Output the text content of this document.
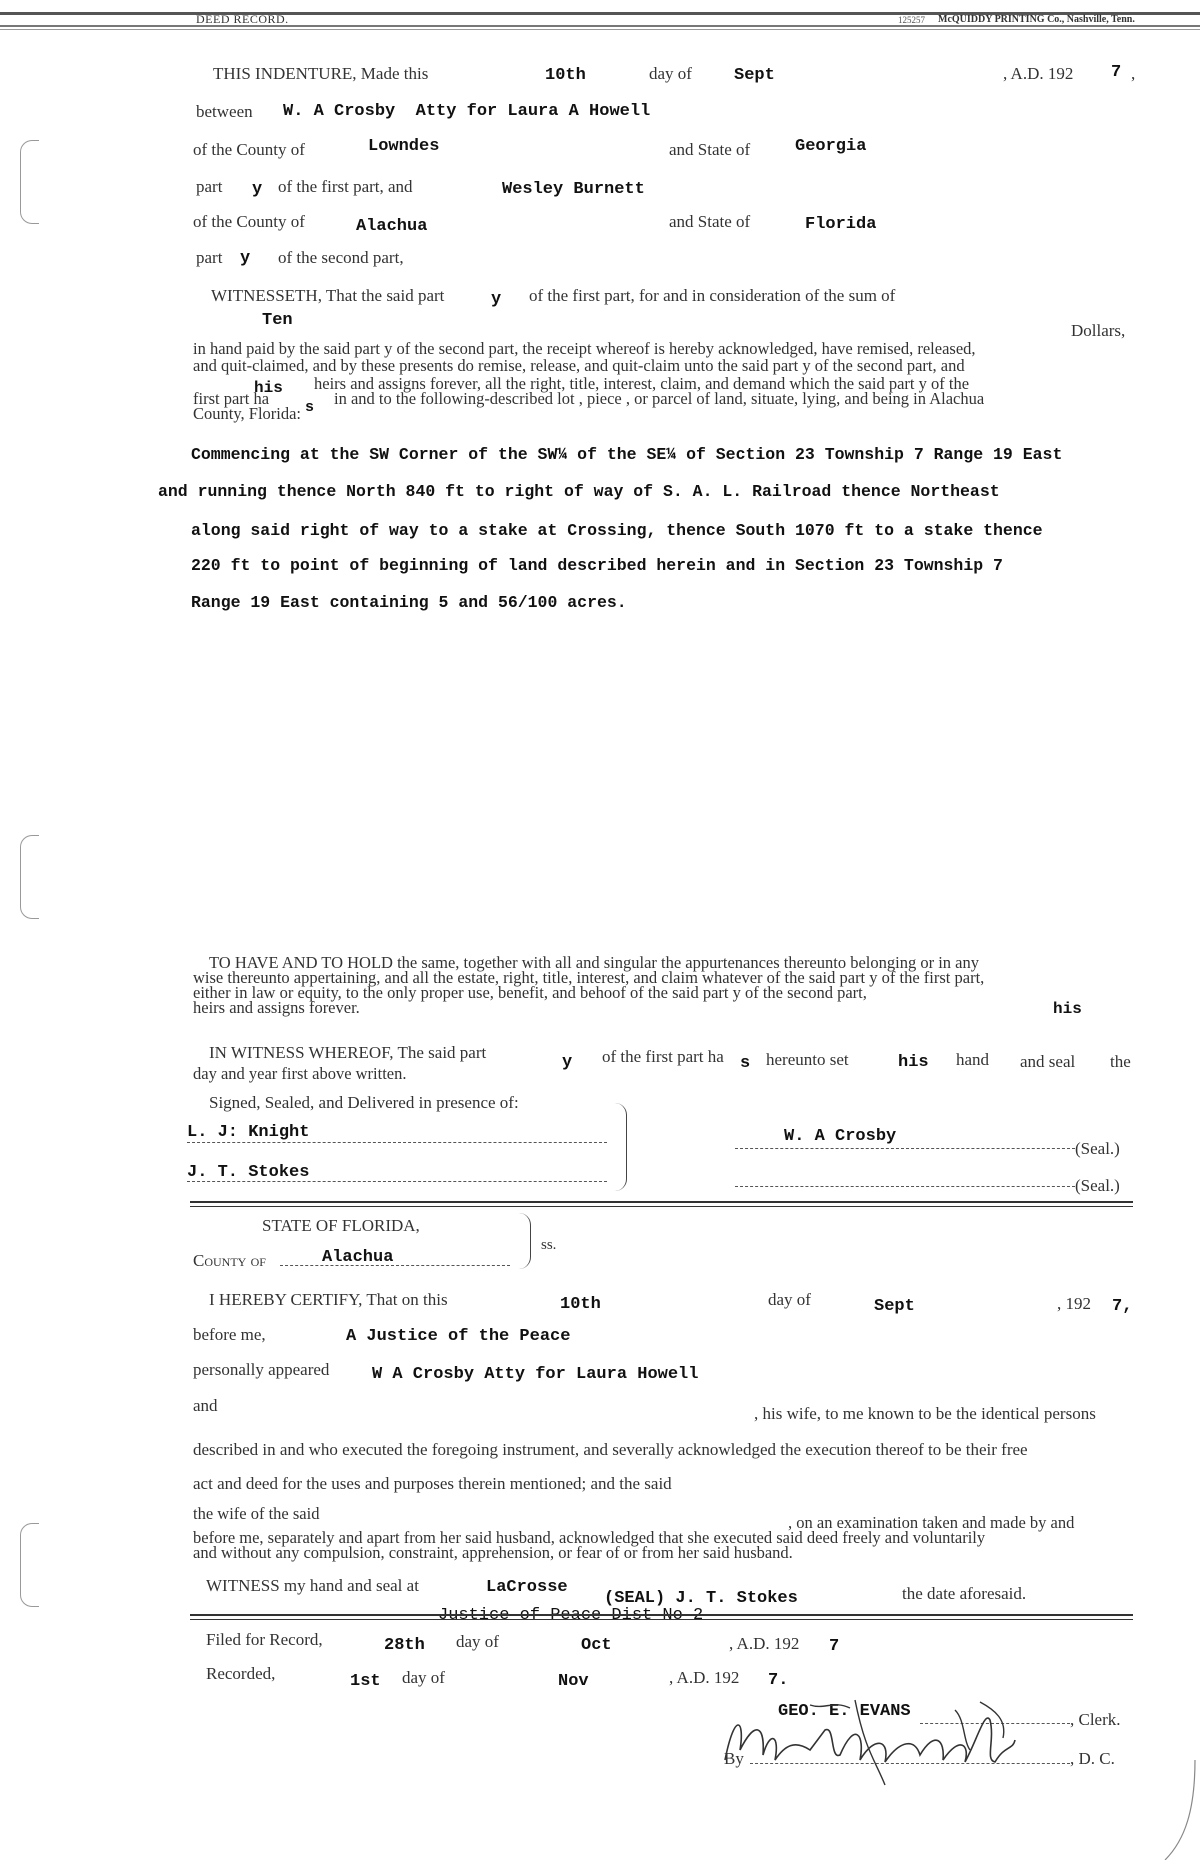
DEED RECORD.	125257 McQUIDDY PRINTING Co., Nashville, Tenn.
THIS INDENTURE, Made this	10th	day of Sept	, A.D. 192 7 ,
between W. A Crosby  Atty for Laura A Howell
of the County of	Lowndes	and State of	Georgia
part y of the first part, and	Wesley Burnett
of the County of	Alachua	and State of	Florida
part y of the second part,
WITNESSETH, That the said part	y of the first part, for and in consideration of the sum of
Ten
Dollars,
in hand paid by the said part y of the second part, the receipt whereof is hereby acknowledged, have remised, released,
and quit-claimed, and by these presents do remise, release, and quit-claim unto the said part y of the second part, and
his heirs and assigns forever, all the right, title, interest, claim, and demand which the said part y of the
first part ha	s in and to the following-described lot , piece , or parcel of land, situate, lying, and being in Alachua
County, Florida:
Commencing at the SW Corner of the SW¼ of the SE¼ of Section 23 Township 7 Range 19 East
and running thence North 840 ft to right of way of S. A. L. Railroad thence Northeast
along said right of way to a stake at Crossing, thence South 1070 ft to a stake thence
220 ft to point of beginning of land described herein and in Section 23 Township 7
Range 19 East containing 5 and 56/100 acres.
TO HAVE AND TO HOLD the same, together with all and singular the appurtenances thereunto belonging or in any
wise thereunto appertaining, and all the estate, right, title, interest, and claim whatever of the said part y of the first part,
either in law or equity, to the only proper use, benefit, and behoof of the said part y of the second part,
his
heirs and assigns forever.
IN WITNESS WHEREOF, The said part
y of the first part ha s hereunto set	his hand and seal the
day and year first above written.
Signed, Sealed, and Delivered in presence of:
L. J: Knight
J. T. Stokes
W. A Crosby
(Seal.)
(Seal.)
STATE OF FLORIDA,
County of	Alachua
ss.
I HEREBY CERTIFY, That on this	10th	day of	Sept	, 192 7,
before me,	A Justice of the Peace
personally appeared	W A Crosby Atty for Laura Howell
and	, his wife, to me known to be the identical persons
described in and who executed the foregoing instrument, and severally acknowledged the execution thereof to be their free
act and deed for the uses and purposes therein mentioned; and the said
the wife of the said	, on an examination taken and made by and
before me, separately and apart from her said husband, acknowledged that she executed said deed freely and voluntarily
and without any compulsion, constraint, apprehension, or fear of or from her said husband.
WITNESS my hand and seal at	LaCrosse
(SEAL) J. T. Stokes	the date aforesaid.
Filed for Record,	28th day of	Oct	, A.D. 192 7
Recorded,	1st day of	Nov	, A.D. 192 7.
GEO. E. EVANS	, Clerk.
By	, D. C.
